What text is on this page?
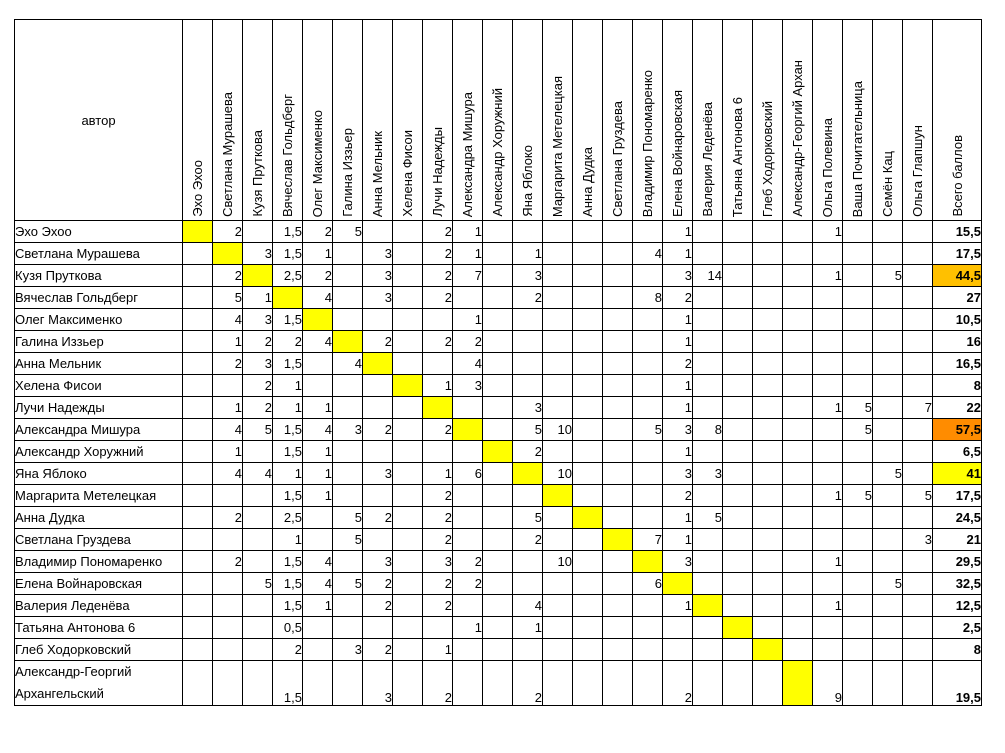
автор	Эхо Эхоо	Светлана Мурашева	Кузя Пруткова	Вячеслав Гольдберг	Олег Максименко	Галина Иззьер	Анна Мельник	Хелена Фисои	Лучи Надежды	Александра Мишура	Александр Хоружний	Яна Яблоко	Маргарита Метелецкая	Анна Дудка	Светлана Груздева	Владимир Пономаренко	Елена Войнаровская	Валерия Леденёва	Татьяна Антонова 6	Глеб Ходорковский	Александр-Георгий Архан	Ольга Полевина	Ваша Почитательница	Семён Кац	Ольга Глапшун	Всего баллов

Эхо Эхоо		2		1,5	2	5			2	1							1					1				15,5
Светлана Мурашева			3	1,5	1		3		2	1		1				4	1									17,5
Кузя Пруткова		2		2,5	2		3		2	7		3					3	14				1		5		44,5
Вячеслав Гольдберг		5	1		4		3		2			2				8	2									27
Олег Максименко		4	3	1,5						1							1									10,5
Галина Иззьер		1	2	2	4		2		2	2							1									16
Анна Мельник		2	3	1,5		4				4							2									16,5
Хелена Фисои			2	1					1	3							1									8
Лучи Надежды		1	2	1	1							3					1					1	5		7	22
Александра Мишура		4	5	1,5	4	3	2		2			5	10			5	3	8					5			57,5
Александр Хоружний		1		1,5	1							2					1									6,5
Яна Яблоко		4	4	1	1		3		1	6			10				3	3						5		41
Маргарита Метелецкая				1,5	1				2								2					1	5		5	17,5
Анна Дудка		2		2,5		5	2		2			5					1	5								24,5
Светлана Груздева				1		5			2			2				7	1								3	21
Владимир Пономаренко		2		1,5	4		3		3	2			10				3					1				29,5
Елена Войнаровская			5	1,5	4	5	2		2	2						6								5		32,5
Валерия Леденёва				1,5	1		2		2			4					1					1				12,5
Татьяна Антонова 6				0,5						1		1														2,5
Глеб Ходорковский				2		3	2		1																	8
Александр-Георгий Архангельский				1,5			3		2			2					2					9				19,5
